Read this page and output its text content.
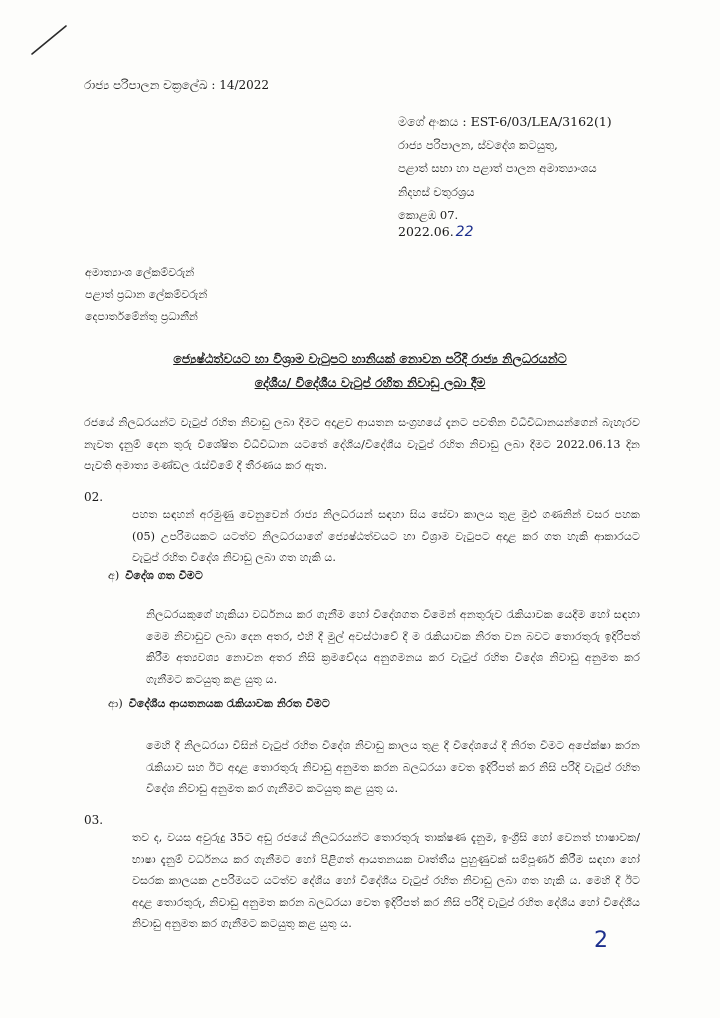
රාජ්‍ය පරිපාලන චක්‍රලේඛ : 14/2022
මගේ අංකය : EST-6/03/LEA/3162(1)
රාජ්‍ය පරිපාලන, ස්වදේශ කටයුතු,
පළාත් සභා හා පළාත් පාලන අමාත්‍යාංශය
නිදහස් චතුරශ්‍රය
කොළඹ 07.
2022.06. 22
අමාත්‍යාංශ ලේකම්වරුන්
පළාත් ප්‍රධාන ලේකම්වරුන්
දෙපාර්තමේන්තු ප්‍රධානීන්
ජ්‍යෙෂ්ඨත්වයට හා විශ්‍රාම වැටුපට හානියක් නොවන පරිදි රාජ්‍ය නිලධරයන්ට
දේශීය/ විදේශීය වැටුප් රහිත නිවාඩු ලබා දීම
රජයේ නිලධරයන්ට වැටුප් රහිත නිවාඩු ලබා දීමට අදාළව ආයතන සංග්‍රහයේ දැනට පවතින විධිවිධානයන්ගෙන් බැහැරව නැවත දැනුම් දෙන තුරු විශේෂිත විධිවිධාන යටතේ දේශීය/විදේශීය වැටුප් රහිත නිවාඩු ලබා දීමට 2022.06.13 දින පැවති අමාත්‍ය මණ්ඩල රැස්වීමේ දී තීරණය කර ඇත.
02.
පහත සඳහන් අරමුණු වෙනුවෙන් රාජ්‍ය නිලධරයන් සඳහා සිය සේවා කාලය තුළ මුළු ගණනින් වසර පහක (05) උපරිමයකට යටත්ව නිලධරයාගේ ජ්‍යෙෂ්ඨත්වයට හා විශ්‍රාම වැටුපට අදාළ කර ගත හැකි ආකාරයට වැටුප් රහිත විදේශ නිවාඩු ලබා ගත හැකි ය.
අ) විදේශ ගත වීමට
නිලධරයකුගේ හැකියා වර්ධනය කර ගැනීම හෝ විදේශගත වීමෙන් අනතුරුව රැකියාවක යෙදීම හෝ සඳහා මෙම නිවාඩුව ලබා දෙන අතර, එහි දී මුල් අවස්ථාවේ දී ම රැකියාවක නිරත වන බවට තොරතුරු ඉදිරිපත් කිරීම අත්‍යවශ්‍ය නොවන අතර නිසි ක්‍රමවේදය අනුගමනය කර වැටුප් රහිත විදේශ නිවාඩු අනුමත කර ගැනීමට කටයුතු කළ යුතු ය.
ආ) විදේශීය ආයතනයක රැකියාවක නිරත වීමට
මෙහි දී නිලධරයා විසින් වැටුප් රහිත විදේශ නිවාඩු කාලය තුළ දී විදේශයේ දී නිරත වීමට අපේක්ෂා කරන රැකියාව සහ ඊට අදාළ තොරතුරු නිවාඩු අනුමත කරන බලධරයා වෙත ඉදිරිපත් කර නිසි පරිදි වැටුප් රහිත විදේශ නිවාඩු අනුමත කර ගැනීමට කටයුතු කළ යුතු ය.
03.
තව ද, වයස අවුරුදු 35ට අඩු රජයේ නිලධරයන්ට තොරතුරු තාක්ෂණ දැනුම, ඉංග්‍රීසි හෝ වෙනත් භාෂාවක/භාෂා දැනුම් වර්ධනය කර ගැනීමට හෝ පිළිගත් ආයතනයක වෘත්තීය පුහුණුවක් සම්පූර්ණ කිරීම සඳහා හෝ වසරක කාලයක උපරිමයට යටත්ව දේශීය හෝ විදේශීය වැටුප් රහිත නිවාඩු ලබා ගත හැකි ය. මෙහි දී ඊට අදාළ තොරතුරු, නිවාඩු අනුමත කරන බලධරයා වෙත ඉදිරිපත් කර නිසි පරිදි වැටුප් රහිත දේශීය හෝ විදේශීය නිවාඩු අනුමත කර ගැනීමට කටයුතු කළ යුතු ය.
2
